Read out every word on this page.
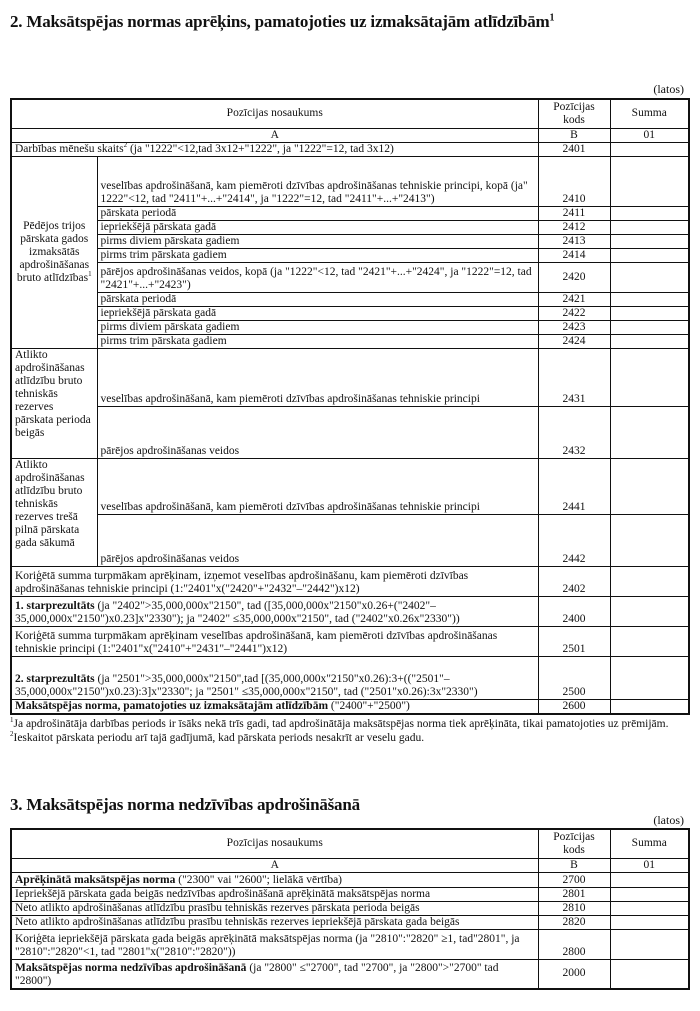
2. Maksātspējas normas aprēķins, pamatojoties uz izmaksātajām atlīdzībām$^1$
(latos)
Pozīcijas nosaukums		Pozīcijas kods	Summa
A		B	01
Darbības mēnešu skaits$^2$ (ja "1222"<12,tad 3x12+"1222", ja "1222"=12, tad 3x12)		2401	
Pēdējos trijos pārskata gados izmaksātās apdrošināšanas bruto atlīdzības$^1$	veselības apdrošināšanā, kam piemēroti dzīvības apdrošināšanas tehniskie principi, kopā (ja" 1222"<12, tad "2411"+...+"2414", ja "1222"=12, tad "2411"+...+"2413")	2410	
	pārskata periodā	2411	
	iepriekšējā pārskata gadā	2412	
	pirms diviem pārskata gadiem	2413	
	pirms trim pārskata gadiem	2414	
	pārējos apdrošināšanas veidos, kopā (ja "1222"<12, tad "2421"+...+"2424", ja "1222"=12, tad "2421"+...+"2423")	2420	
	pārskata periodā	2421	
	iepriekšējā pārskata gadā	2422	
	pirms diviem pārskata gadiem	2423	
	pirms trim pārskata gadiem	2424	
Atlikto apdrošināšanas atlīdzību bruto tehniskās rezerves pārskata perioda beigās	veselības apdrošināšanā, kam piemēroti dzīvības apdrošināšanas tehniskie principi	2431	
	pārējos apdrošināšanas veidos	2432	
Atlikto apdrošināšanas atlīdzību bruto tehniskās rezerves trešā pilnā pārskata gada sākumā	veselības apdrošināšanā, kam piemēroti dzīvības apdrošināšanas tehniskie principi	2441	
	pārējos apdrošināšanas veidos	2442	
Koriģētā summa turpmākam aprēķinam, izņemot veselības apdrošināšanu, kam piemēroti dzīvības apdrošināšanas tehniskie principi (1:"2401"x("2420"+"2432"–"2442")x12)		2402	
1. starprezultāts (ja "2402">35,000,000x"2150", tad ([35,000,000x"2150"x0.26+("2402"–35,000,000x"2150")x0.23]x"2330"); ja "2402" ≤35,000,000x"2150", tad ("2402"x0.26x"2330"))		2400	
Koriģētā summa turpmākam aprēķinam veselības apdrošināšanā, kam piemēroti dzīvības apdrošināšanas tehniskie principi (1:"2401"x("2410"+"2431"–"2441")x12)		2501	
2. starprezultāts (ja "2501">35,000,000x"2150",tad [(35,000,000x"2150"x0.26):3+(("2501"–35,000,000x"2150")x0.23):3]x"2330"; ja "2501" ≤35,000,000x"2150", tad ("2501"x0.26):3x"2330")		2500	
Maksātspējas norma, pamatojoties uz izmaksātajām atlīdzībām ("2400"+"2500")		2600	

$^1$Ja apdrošinātāja darbības periods ir īsāks nekā trīs gadi, tad apdrošinātāja maksātspējas norma tiek aprēķināta, tikai pamatojoties uz prēmijām.

$^2$Ieskaitot pārskata periodu arī tajā gadījumā, kad pārskata periods nesakrīt ar veselu gadu.

3. Maksātspējas norma nedzīvības apdrošināšanā
(latos)
Pozīcijas nosaukums	Pozīcijas kods	Summa
A	B	01
Aprēķinātā maksātspējas norma ("2300" vai "2600"; lielākā vērtība)	2700	
Iepriekšējā pārskata gada beigās nedzīvības apdrošināšanā aprēķinātā maksātspējas norma	2801	
Neto atlikto apdrošināšanas atlīdzību prasību tehniskās rezerves pārskata perioda beigās	2810	
Neto atlikto apdrošināšanas atlīdzību prasību tehniskās rezerves iepriekšējā pārskata gada beigās	2820	
Koriģēta iepriekšējā pārskata gada beigās aprēķinātā maksātspējas norma (ja "2810":"2820" ≥1, tad"2801", ja "2810":"2820"<1, tad "2801"x("2810":"2820"))	2800	
Maksātspējas norma nedzīvības apdrošināšanā (ja "2800" ≤"2700", tad "2700", ja "2800">"2700" tad "2800")	2000	
